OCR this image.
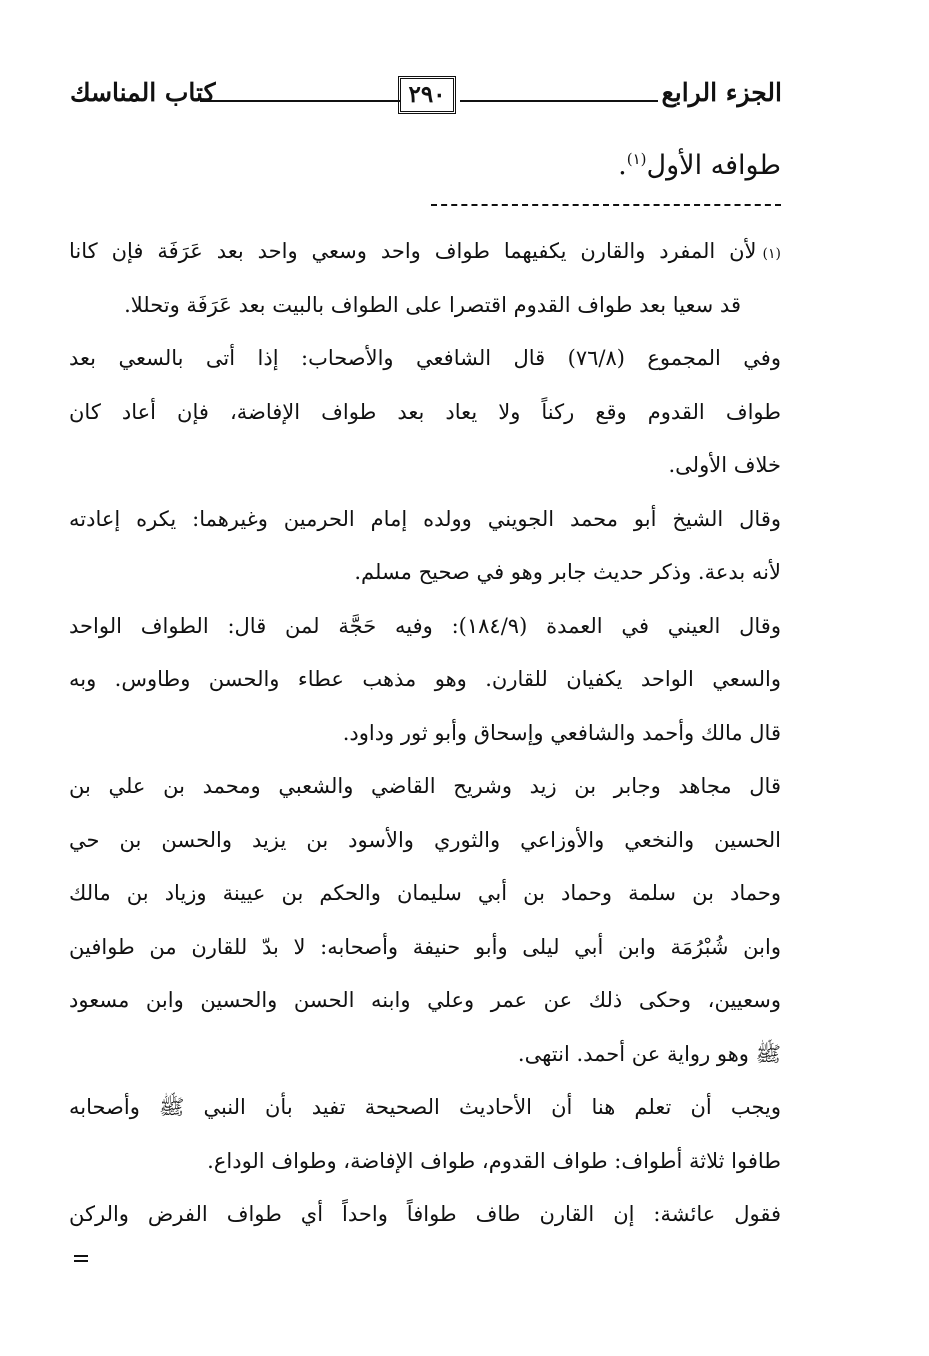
الجزء الرابع
٢٩٠
كتاب المناسك
طوافه الأول$^{(١)}$.
(١)لأن المفرد والقارن يكفيهما طواف واحد وسعي واحد بعد عَرَفَة فإن كانا
قد سعيا بعد طواف القدوم اقتصرا على الطواف بالبيت بعد عَرَفَة وتحللا.
وفي المجموع (٧٦/٨) قال الشافعي والأصحاب: إذا أتى بالسعي بعد
طواف القدوم وقع ركناً ولا يعاد بعد طواف الإفاضة، فإن أعاد كان
خلاف الأولى.
وقال الشيخ أبو محمد الجويني وولده إمام الحرمين وغيرهما: يكره إعادته
لأنه بدعة. وذكر حديث جابر وهو في صحيح مسلم.
وقال العيني في العمدة (١٨٤/٩): وفيه حَجَّة لمن قال: الطواف الواحد
والسعي الواحد يكفيان للقارن. وهو مذهب عطاء والحسن وطاوس. وبه
قال مالك وأحمد والشافعي وإسحاق وأبو ثور وداود.
قال مجاهد وجابر بن زيد وشريح القاضي والشعبي ومحمد بن علي بن
الحسين والنخعي والأوزاعي والثوري والأسود بن يزيد والحسن بن حي
وحماد بن سلمة وحماد بن أبي سليمان والحكم بن عيينة وزياد بن مالك
وابن شُبْرُمَة وابن أبي ليلى وأبو حنيفة وأصحابه: لا بدّ للقارن من طوافين
وسعيين، وحكى ذلك عن عمر وعلي وابنه الحسن والحسين وابن مسعود
ﷺ وهو رواية عن أحمد. انتهى.
ويجب أن تعلم هنا أن الأحاديث الصحيحة تفيد بأن النبي ﷺ وأصحابه
طافوا ثلاثة أطواف: طواف القدوم، طواف الإفاضة، وطواف الوداع.
فقول عائشة: إن القارن طاف طوافاً واحداً أي طواف الفرض والركن
